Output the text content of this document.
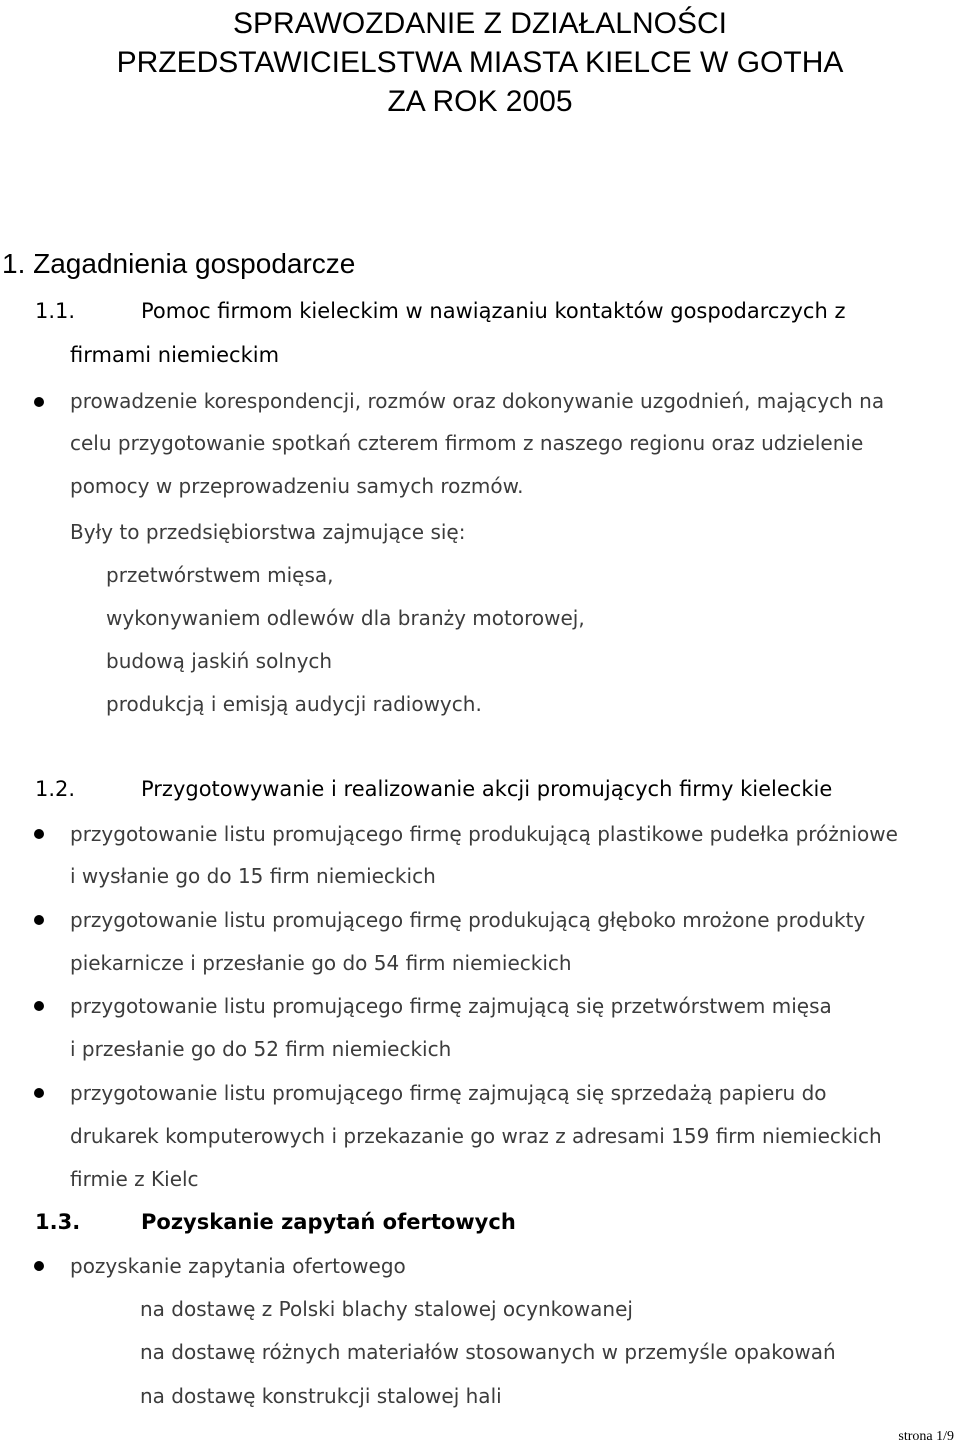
SPRAWOZDANIE Z DZIAŁALNOŚCI
PRZEDSTAWICIELSTWA MIASTA KIELCE W GOTHA
ZA ROK 2005
1. Zagadnienia gospodarcze
1.1.	Pomoc firmom kieleckim w nawiązaniu kontaktów gospodarczych z
firmami niemieckim
prowadzenie korespondencji, rozmów oraz dokonywanie uzgodnień, mających na
celu przygotowanie spotkań czterem firmom z naszego regionu oraz udzielenie
pomocy w przeprowadzeniu samych rozmów.
Były to przedsiębiorstwa zajmujące się:
przetwórstwem mięsa,
wykonywaniem odlewów dla branży motorowej,
budową jaskiń solnych
produkcją i emisją audycji radiowych.
1.2.	Przygotowywanie i realizowanie akcji promujących firmy kieleckie
przygotowanie listu promującego firmę produkującą plastikowe pudełka próżniowe
i wysłanie go do 15 firm niemieckich
przygotowanie listu promującego firmę produkującą głęboko mrożone produkty
piekarnicze i przesłanie go do 54 firm niemieckich
przygotowanie listu promującego firmę zajmującą się przetwórstwem mięsa
i przesłanie go do 52 firm niemieckich
przygotowanie listu promującego firmę zajmującą się sprzedażą papieru do
drukarek komputerowych i przekazanie go wraz z adresami 159 firm niemieckich
firmie z Kielc
1.3.	Pozyskanie zapytań ofertowych
pozyskanie zapytania ofertowego
na dostawę z Polski blachy stalowej ocynkowanej
na dostawę różnych materiałów stosowanych w przemyśle opakowań
na dostawę konstrukcji stalowej hali
strona 1/9
